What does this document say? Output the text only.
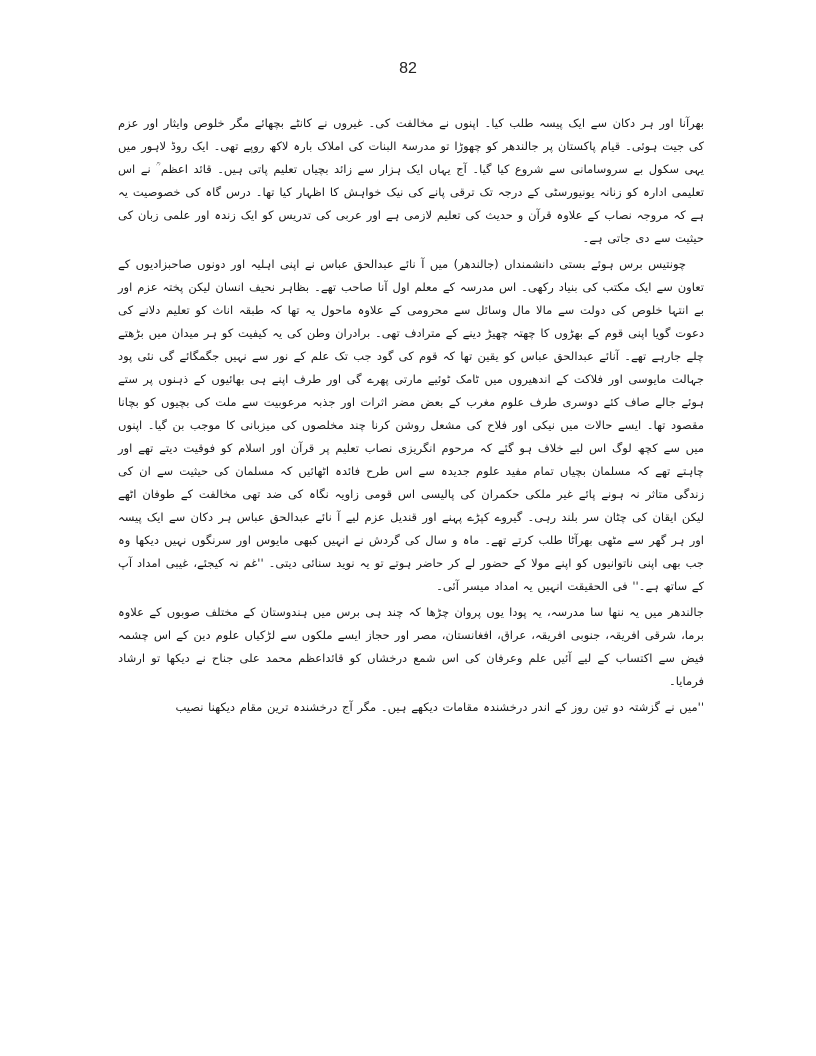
82

بھرآنا اور ہر دکان سے ایک پیسہ طلب کیا۔ اپنوں نے مخالفت کی۔ غیروں نے کانٹے بچھائے مگر خلوص وایثار اور عزم کی جیت ہوئی۔ قیام پاکستان پر جالندھر کو چھوڑا تو مدرسۃ البنات کی املاک بارہ لاکھ روپے تھی۔ ایک روڈ لاہور میں یہی سکول بے سروسامانی سے شروع کیا گیا۔ آج یہاں ایک ہزار سے زائد بچیاں تعلیم پاتی ہیں۔ قائد اعظم ؒ نے اس تعلیمی ادارہ کو زنانہ یونیورسٹی کے درجہ تک ترقی پانے کی نیک خواہش کا اظہار کیا تھا۔ درس گاہ کی خصوصیت یہ ہے کہ مروجہ نصاب کے علاوہ قرآن و حدیث کی تعلیم لازمی ہے اور عربی کی تدریس کو ایک زندہ اور علمی زبان کی حیثیت سے دی جاتی ہے۔

چونتیس برس ہوئے بستی دانشمنداں (جالندھر) میں آ نائے عبدالحق عباس نے اپنی اہلیہ اور دونوں صاحبزادیوں کے تعاون سے ایک مکتب کی بنیاد رکھی۔ اس مدرسہ کے معلم اول آنا صاحب تھے۔ بظاہر نحیف انسان لیکن پختہ عزم اور بے انتہا خلوص کی دولت سے مالا مال وسائل سے محرومی کے علاوہ ماحول یہ تھا کہ طبقہ اناث کو تعلیم دلانے کی دعوت گویا اپنی قوم کے بھڑوں کا چھتہ چھیڑ دینے کے مترادف تھی۔ برادران وطن کی یہ کیفیت کو ہر میدان میں بڑھتے چلے جارہے تھے۔ آنائے عبدالحق عباس کو یقین تھا کہ قوم کی گود جب تک علم کے نور سے نہیں جگمگائے گی نئی پود جہالت مایوسی اور فلاکت کے اندھیروں میں ٹامک ٹوئیے مارتی پھرے گی اور طرف اپنے ہی بھائیوں کے ذہنوں پر ستے ہوئے جالے صاف کئے دوسری طرف علوم مغرب کے بعض مضر اثرات اور جذبہ مرعوبیت سے ملت کی بچیوں کو بچانا مقصود تھا۔ ایسے حالات میں نیکی اور فلاح کی مشعل روشن کرنا چند مخلصوں کی میزبانی کا موجب بن گیا۔ اپنوں میں سے کچھ لوگ اس لیے خلاف ہو گئے کہ مرحوم انگریزی نصاب تعلیم پر قرآن اور اسلام کو فوقیت دیتے تھے اور چاہتے تھے کہ مسلمان بچیاں تمام مفید علوم جدیدہ سے اس طرح فائدہ اٹھائیں کہ مسلمان کی حیثیت سے ان کی زندگی متاثر نہ ہونے پائے غیر ملکی حکمران کی پالیسی اس قومی زاویہ نگاہ کی ضد تھی مخالفت کے طوفان اٹھے لیکن ایقان کی چٹان سر بلند رہی۔ گیروے کپڑے پہنے اور قندیل عزم لیے آ نائے عبدالحق عباس ہر دکان سے ایک پیسہ اور ہر گھر سے مٹھی بھرآٹا طلب کرتے تھے۔ ماہ و سال کی گردش نے انہیں کبھی مایوس اور سرنگوں نہیں دیکھا وہ جب بھی اپنی ناتوانیوں کو اپنے مولا کے حضور لے کر حاضر ہوتے تو یہ نوید سنائی دیتی۔ ''غم نہ کیجئے، غیبی امداد آپ کے ساتھ ہے۔'' فی الحقیقت انہیں یہ امداد میسر آئی۔

جالندھر میں یہ ننھا سا مدرسہ، یہ پودا یوں پروان چڑھا کہ چند ہی برس میں ہندوستان کے مختلف صوبوں کے علاوہ برما، شرقی افریقہ، جنوبی افریقہ، عراق، افغانستان، مصر اور حجاز ایسے ملکوں سے لڑکیاں علوم دین کے اس چشمہ فیض سے اکتساب کے لیے آئیں علم وعرفان کی اس شمع درخشاں کو قائداعظم محمد علی جناح نے دیکھا تو ارشاد فرمایا۔

''میں نے گزشتہ دو تین روز کے اندر درخشندہ مقامات دیکھے ہیں۔ مگر آج درخشندہ ترین مقام دیکھنا نصیب
